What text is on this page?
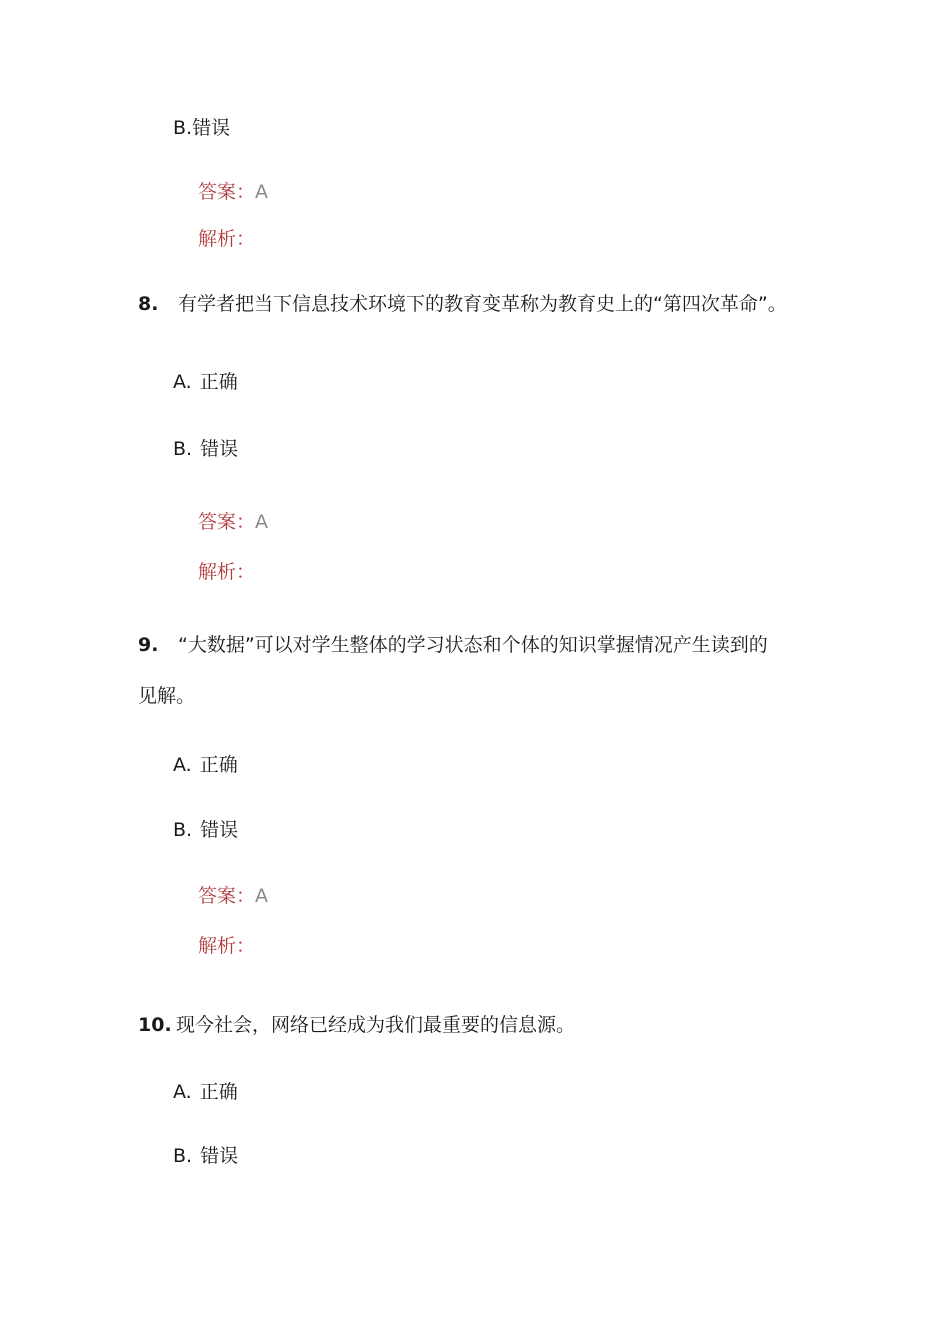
B.错误
答案：A
解析：
8. 有学者把当下信息技术环境下的教育变革称为教育史上的“第四次革命”。
A. 正确
B. 错误
答案：A
解析：
9. “大数据”可以对学生整体的学习状态和个体的知识掌握情况产生读到的
见解。
A. 正确
B. 错误
答案：A
解析：
10. 现今社会，网络已经成为我们最重要的信息源。
A. 正确
B. 错误
